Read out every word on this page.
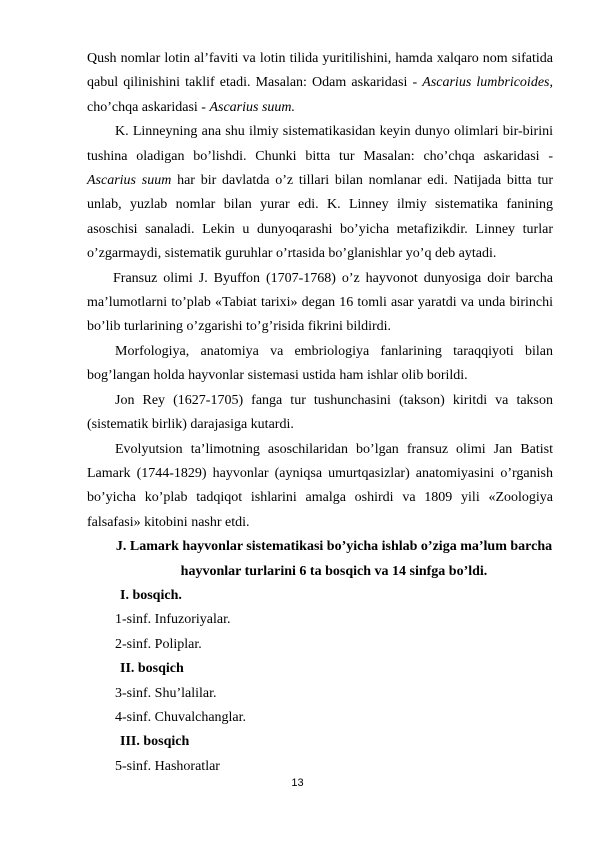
Qush nomlar lotin al’faviti va lotin tilida yuritilishini, hamda xalqaro nom sifatida qabul qilinishini taklif etadi. Masalan: Odam askaridasi - Ascarius lumbricoides, cho’chqa askaridasi - Ascarius suum.

K. Linneyning ana shu ilmiy sistematikasidan keyin dunyo olimlari bir-birini tushina oladigan bo’lishdi. Chunki bitta tur Masalan: cho’chqa askaridasi - Ascarius suum har bir davlatda o’z tillari bilan nomlanar edi. Natijada bitta tur unlab, yuzlab nomlar bilan yurar edi. K. Linney ilmiy sistematika fanining asoschisi sanaladi. Lekin u dunyoqarashi bo’yicha metafizikdir. Linney turlar o’zgarmaydi, sistematik guruhlar o’rtasida bo’glanishlar yo’q deb aytadi.

Fransuz olimi J. Byuffon (1707-1768) o’z hayvonot dunyosiga doir barcha ma’lumotlarni to’plab «Tabiat tarixi» degan 16 tomli asar yaratdi va unda birinchi bo’lib turlarining o’zgarishi to’g’risida fikrini bildirdi.

Morfologiya, anatomiya va embriologiya fanlarining taraqqiyoti bilan bog’langan holda hayvonlar sistemasi ustida ham ishlar olib borildi.

Jon Rey (1627-1705) fanga tur tushunchasini (takson) kiritdi va takson (sistematik birlik) darajasiga kutardi.

Evolyutsion ta’limotning asoschilaridan bo’lgan fransuz olimi Jan Batist Lamark (1744-1829) hayvonlar (ayniqsa umurtqasizlar) anatomiyasini o’rganish bo’yicha ko’plab tadqiqot ishlarini amalga oshirdi va 1809 yili «Zoologiya falsafasi» kitobini nashr etdi.

J. Lamark hayvonlar sistematikasi bo’yicha ishlab o’ziga ma’lum barcha hayvonlar turlarini 6 ta bosqich va 14 sinfga bo’ldi.

I. bosqich.

1-sinf. Infuzoriyalar.

2-sinf. Poliplar.

II. bosqich

3-sinf. Shu’lalilar.

4-sinf. Chuvalchanglar.

III. bosqich

5-sinf. Hashoratlar

13
